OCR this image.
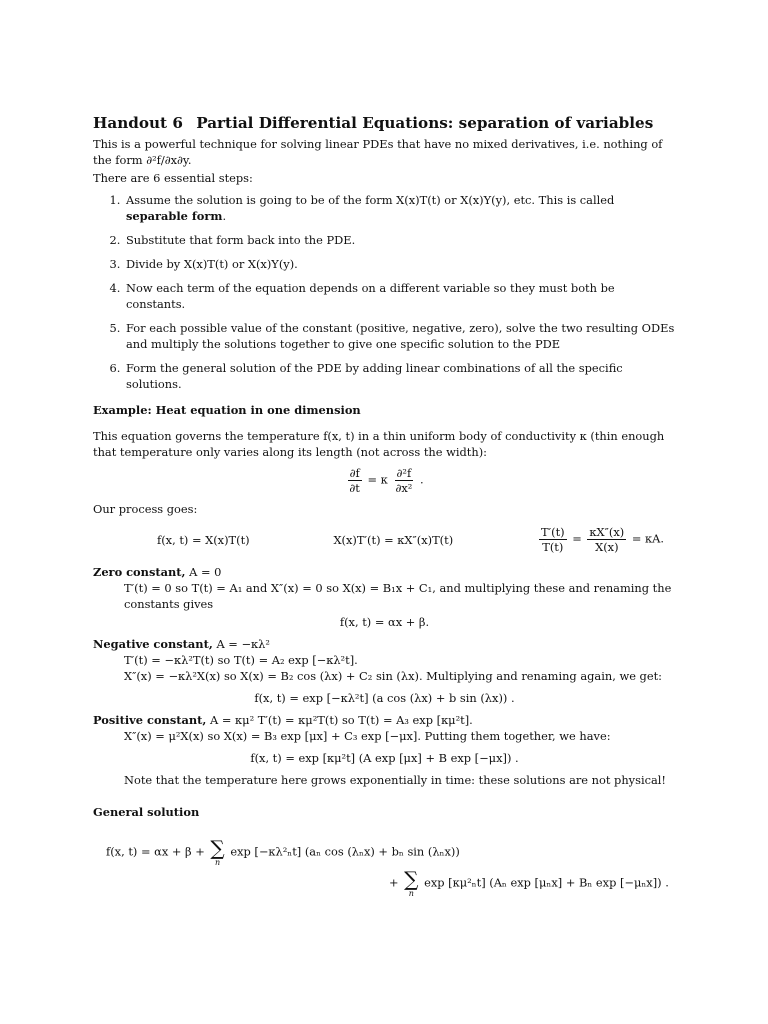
Handout 6 Partial Differential Equations: separation of variables

This is a powerful technique for solving linear PDEs that have no mixed derivatives, i.e. nothing of the form ∂²f/∂x∂y.

There are 6 essential steps:

1. Assume the solution is going to be of the form X(x)T(t) or X(x)Y(y), etc. This is called separable form.
2. Substitute that form back into the PDE.
3. Divide by X(x)T(t) or X(x)Y(y).
4. Now each term of the equation depends on a different variable so they must both be constants.
5. For each possible value of the constant (positive, negative, zero), solve the two resulting ODEs and multiply the solutions together to give one specific solution to the PDE
6. Form the general solution of the PDE by adding linear combinations of all the specific solutions.
Example: Heat equation in one dimension

This equation governs the temperature f(x, t) in a thin uniform body of conductivity κ (thin enough that temperature only varies along its length (not across the width):

$\frac{\partial f}{\partial t} = \kappa \frac{\text{∂²f}}{\text{∂x²}}$ .

Our process goes:

f(x, t) = X(x)T(t)	X(x)T′(t) = κX″(x)T(t)	$\frac{T'(t)}{T(t)} = \frac{\kappa X''(x)}{X(x)} = \kappa A$.
Zero constant, A = 0

T′(t) = 0 so T(t) = A₁ and X″(x) = 0 so X(x) = B₁x + C₁, and multiplying these and renaming the constants gives

f(x, t) = αx + β.
Negative constant, A = −κλ²

T′(t) = −κλ²T(t) so T(t) = A₂ exp [−κλ²t].

X″(x) = −κλ²X(x) so X(x) = B₂ cos (λx) + C₂ sin (λx). Multiplying and renaming again, we get:

f(x, t) = exp [−κλ²t] (a cos (λx) + b sin (λx)) .
Positive constant, A = κμ² T′(t) = κμ²T(t) so T(t) = A₃ exp [κμ²t].

X″(x) = μ²X(x) so X(x) = B₃ exp [μx] + C₃ exp [−μx]. Putting them together, we have:

f(x, t) = exp [κμ²t] (A exp [μx] + B exp [−μx]) .

Note that the temperature here grows exponentially in time: these solutions are not physical!

General solution
f(x, t) = αx + β + ∑
n
exp [−κλ²ₙt] (aₙ cos (λₙx) + bₙ sin (λₙx))
+ ∑
n
exp [κμ²ₙt] (Aₙ exp [μₙx] + Bₙ exp [−μₙx]) .
